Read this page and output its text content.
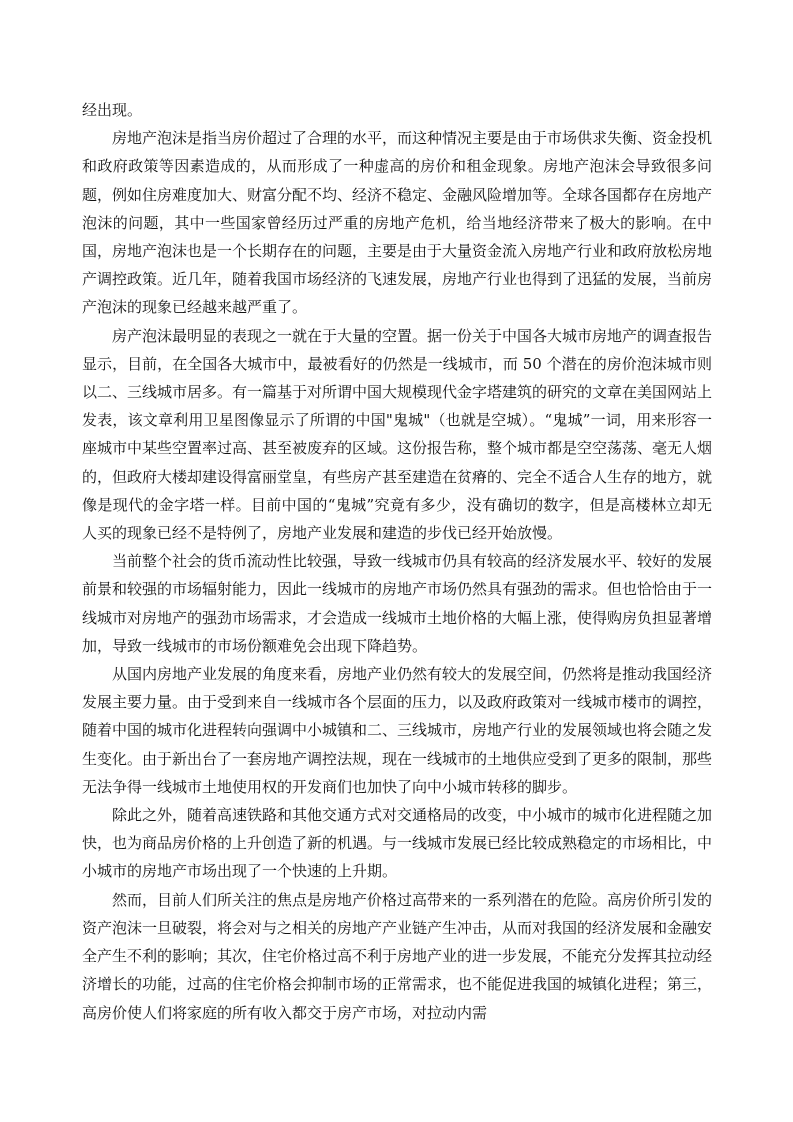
经出现。

房地产泡沫是指当房价超过了合理的水平，而这种情况主要是由于市场供求失衡、资金投机和政府政策等因素造成的，从而形成了一种虚高的房价和租金现象。房地产泡沫会导致很多问题，例如住房难度加大、财富分配不均、经济不稳定、金融风险增加等。全球各国都存在房地产泡沫的问题，其中一些国家曾经历过严重的房地产危机，给当地经济带来了极大的影响。在中国，房地产泡沫也是一个长期存在的问题，主要是由于大量资金流入房地产行业和政府放松房地产调控政策。近几年，随着我国市场经济的飞速发展，房地产行业也得到了迅猛的发展，当前房产泡沫的现象已经越来越严重了。

房产泡沫最明显的表现之一就在于大量的空置。据一份关于中国各大城市房地产的调查报告显示，目前，在全国各大城市中，最被看好的仍然是一线城市，而 50 个潜在的房价泡沫城市则以二、三线城市居多。有一篇基于对所谓中国大规模现代金字塔建筑的研究的文章在美国网站上发表，该文章利用卫星图像显示了所谓的中国"鬼城"（也就是空城）。“鬼城”一词，用来形容一座城市中某些空置率过高、甚至被废弃的区域。这份报告称，整个城市都是空空荡荡、毫无人烟的，但政府大楼却建设得富丽堂皇，有些房产甚至建造在贫瘠的、完全不适合人生存的地方，就像是现代的金字塔一样。目前中国的“鬼城”究竟有多少，没有确切的数字，但是高楼林立却无人买的现象已经不是特例了，房地产业发展和建造的步伐已经开始放慢。

当前整个社会的货币流动性比较强，导致一线城市仍具有较高的经济发展水平、较好的发展前景和较强的市场辐射能力，因此一线城市的房地产市场仍然具有强劲的需求。但也恰恰由于一线城市对房地产的强劲市场需求，才会造成一线城市土地价格的大幅上涨，使得购房负担显著增加，导致一线城市的市场份额难免会出现下降趋势。

从国内房地产业发展的角度来看，房地产业仍然有较大的发展空间，仍然将是推动我国经济发展主要力量。由于受到来自一线城市各个层面的压力，以及政府政策对一线城市楼市的调控，随着中国的城市化进程转向强调中小城镇和二、三线城市，房地产行业的发展领域也将会随之发生变化。由于新出台了一套房地产调控法规，现在一线城市的土地供应受到了更多的限制，那些无法争得一线城市土地使用权的开发商们也加快了向中小城市转移的脚步。

除此之外，随着高速铁路和其他交通方式对交通格局的改变，中小城市的城市化进程随之加快，也为商品房价格的上升创造了新的机遇。与一线城市发展已经比较成熟稳定的市场相比，中小城市的房地产市场出现了一个快速的上升期。

然而，目前人们所关注的焦点是房地产价格过高带来的一系列潜在的危险。高房价所引发的资产泡沫一旦破裂，将会对与之相关的房地产产业链产生冲击，从而对我国的经济发展和金融安全产生不利的影响；其次，住宅价格过高不利于房地产业的进一步发展，不能充分发挥其拉动经济增长的功能，过高的住宅价格会抑制市场的正常需求，也不能促进我国的城镇化进程；第三，高房价使人们将家庭的所有收入都交于房产市场，对拉动内需
